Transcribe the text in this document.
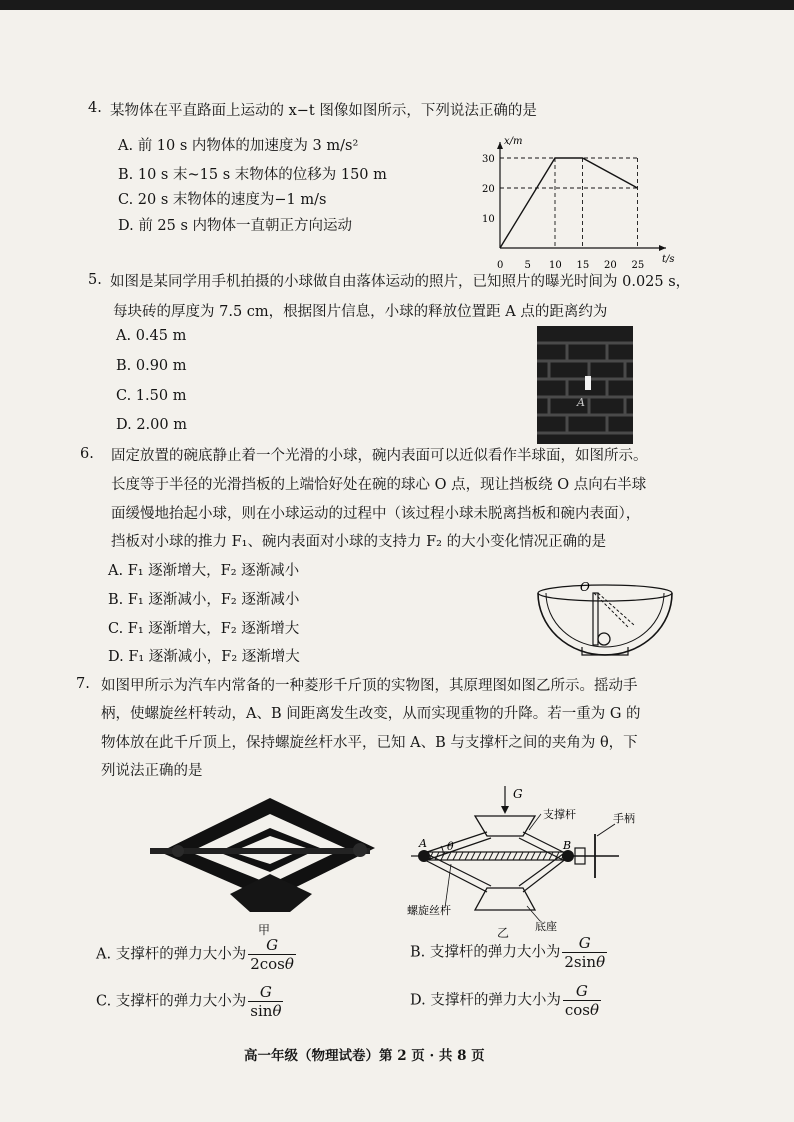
4. 某物体在平直路面上运动的 x−t 图像如图所示，下列说法正确的是
A. 前 10 s 内物体的加速度为 3 m/s²
B. 10 s 末~15 s 末物体的位移为 150 m
C. 20 s 末物体的速度为−1 m/s
D. 前 25 s 内物体一直朝正方向运动
t/s
x/m
0 5 10 15 20 25
10
20
30
5. 如图是某同学用手机拍摄的小球做自由落体运动的照片，已知照片的曝光时间为 0.025 s，
每块砖的厚度为 7.5 cm，根据图片信息，小球的释放位置距 A 点的距离约为
A. 0.45 m
B. 0.90 m
C. 1.50 m
D. 2.00 m
A
6. 固定放置的碗底静止着一个光滑的小球，碗内表面可以近似看作半球面，如图所示。
长度等于半径的光滑挡板的上端恰好处在碗的球心 O 点，现让挡板绕 O 点向右半球
面缓慢地抬起小球，则在小球运动的过程中（该过程小球未脱离挡板和碗内表面），
挡板对小球的推力 F₁、碗内表面对小球的支持力 F₂ 的大小变化情况正确的是
A. F₁ 逐渐增大，F₂ 逐渐减小
B. F₁ 逐渐减小，F₂ 逐渐减小
C. F₁ 逐渐增大，F₂ 逐渐增大
D. F₁ 逐渐减小，F₂ 逐渐增大
O
7. 如图甲所示为汽车内常备的一种菱形千斤顶的实物图，其原理图如图乙所示。摇动手
柄，使螺旋丝杆转动，A、B 间距离发生改变，从而实现重物的升降。若一重为 G 的
物体放在此千斤顶上，保持螺旋丝杆水平，已知 A、B 与支撑杆之间的夹角为 θ，下
列说法正确的是
甲
G
A θ	B
支撑杆	手柄
螺旋丝杆
底座
乙
A. 支撑杆的弹力大小为 $\frac{G}{2\cos\theta}$	B. 支撑杆的弹力大小为 $\frac{G}{2\sin\theta}$
C. 支撑杆的弹力大小为 $\frac{G}{\sin\theta}$	D. 支撑杆的弹力大小为 $\frac{G}{\cos\theta}$
高一年级（物理试卷）第 2 页 · 共 8 页
